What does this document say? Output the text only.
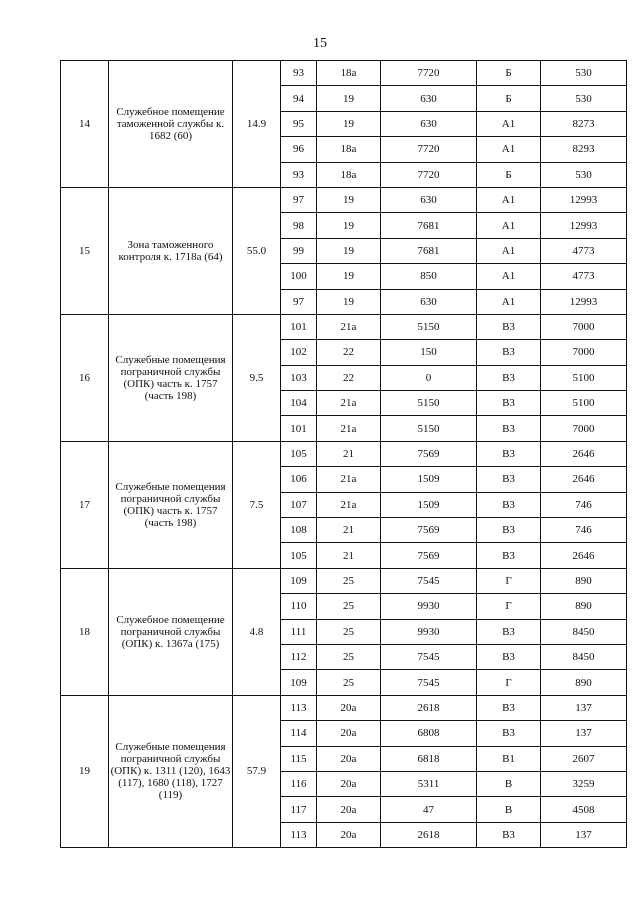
15
14	Служебное помещение таможенной службы к. 1682 (60)	14.9	93	18а	7720	Б	530
			94	19	630	Б	530
			95	19	630	А1	8273
			96	18а	7720	А1	8293
			93	18а	7720	Б	530
15	Зона таможенного контроля к. 1718а (64)	55.0	97	19	630	А1	12993
			98	19	7681	А1	12993
			99	19	7681	А1	4773
			100	19	850	А1	4773
			97	19	630	А1	12993
16	Служебные помещения пограничной службы (ОПК) часть к. 1757 (часть 198)	9.5	101	21а	5150	В3	7000
			102	22	150	В3	7000
			103	22	0	В3	5100
			104	21а	5150	В3	5100
			101	21а	5150	В3	7000
17	Служебные помещения пограничной службы (ОПК) часть к. 1757 (часть 198)	7.5	105	21	7569	В3	2646
			106	21а	1509	В3	2646
			107	21а	1509	В3	746
			108	21	7569	В3	746
			105	21	7569	В3	2646
18	Служебное помещение пограничной службы (ОПК) к. 1367а (175)	4.8	109	25	7545	Г	890
			110	25	9930	Г	890
			111	25	9930	В3	8450
			112	25	7545	В3	8450
			109	25	7545	Г	890
19	Служебные помещения пограничной службы (ОПК) к. 1311 (120), 1643 (117), 1680 (118), 1727 (119)	57.9	113	20а	2618	В3	137
			114	20а	6808	В3	137
			115	20а	6818	В1	2607
			116	20а	5311	В	3259
			117	20а	47	В	4508
			113	20а	2618	В3	137
